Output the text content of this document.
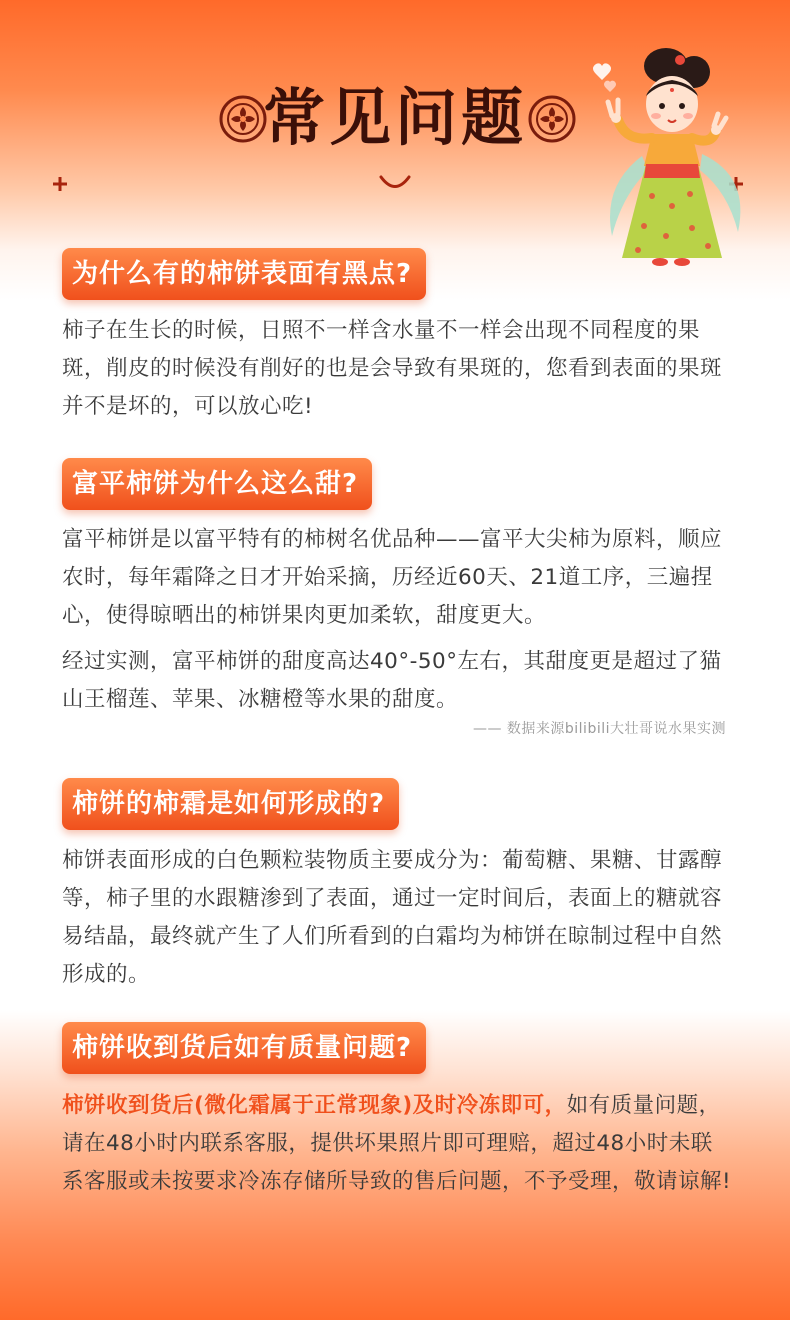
常见问题
为什么有的柿饼表面有黑点?

柿子在生长的时候，日照不一样含水量不一样会出现不同程度的果斑，削皮的时候没有削好的也是会导致有果斑的，您看到表面的果斑并不是坏的，可以放心吃!

富平柿饼为什么这么甜?

富平柿饼是以富平特有的柿树名优品种——富平大尖柿为原料，顺应农时，每年霜降之日才开始采摘，历经近60天、21道工序，三遍捏心，使得晾晒出的柿饼果肉更加柔软，甜度更大。

经过实测，富平柿饼的甜度高达40°-50°左右，其甜度更是超过了猫山王榴莲、苹果、冰糖橙等水果的甜度。

—— 数据来源bilibili大壮哥说水果实测

柿饼的柿霜是如何形成的?

柿饼表面形成的白色颗粒装物质主要成分为：葡萄糖、果糖、甘露醇等，柿子里的水跟糖渗到了表面，通过一定时间后，表面上的糖就容易结晶，最终就产生了人们所看到的白霜均为柿饼在晾制过程中自然形成的。

柿饼收到货后如有质量问题?

柿饼收到货后(微化霜属于正常现象)及时冷冻即可，如有质量问题，请在48小时内联系客服，提供坏果照片即可理赔，超过48小时未联系客服或未按要求冷冻存储所导致的售后问题，不予受理，敬请谅解!
